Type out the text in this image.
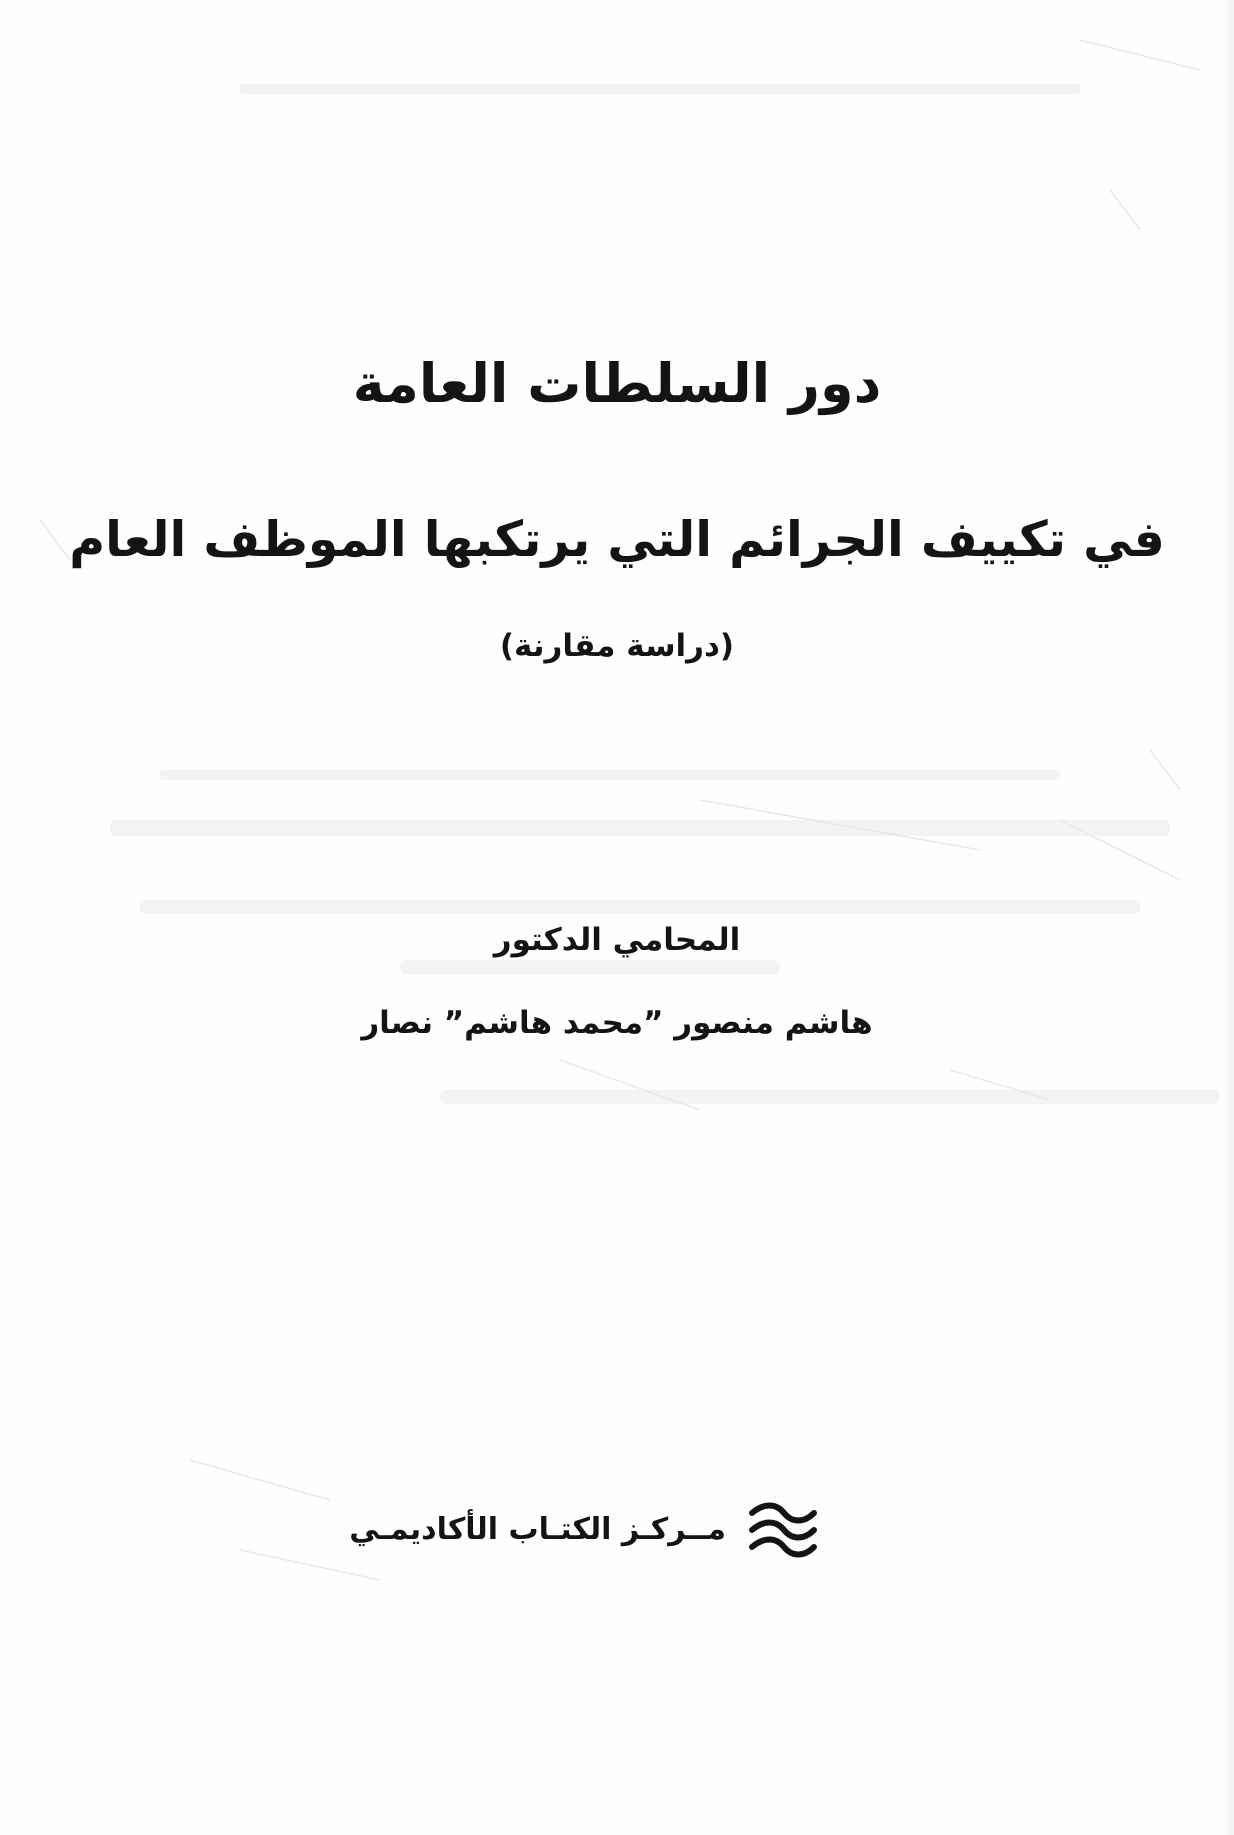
دور السلطات العامة
في تكييف الجرائم التي يرتكبها الموظف العام
(دراسة مقارنة)
المحامي الدكتور
هاشم منصور ”محمد هاشم” نصار
مــركـز الكتـاب الأكاديمـي
